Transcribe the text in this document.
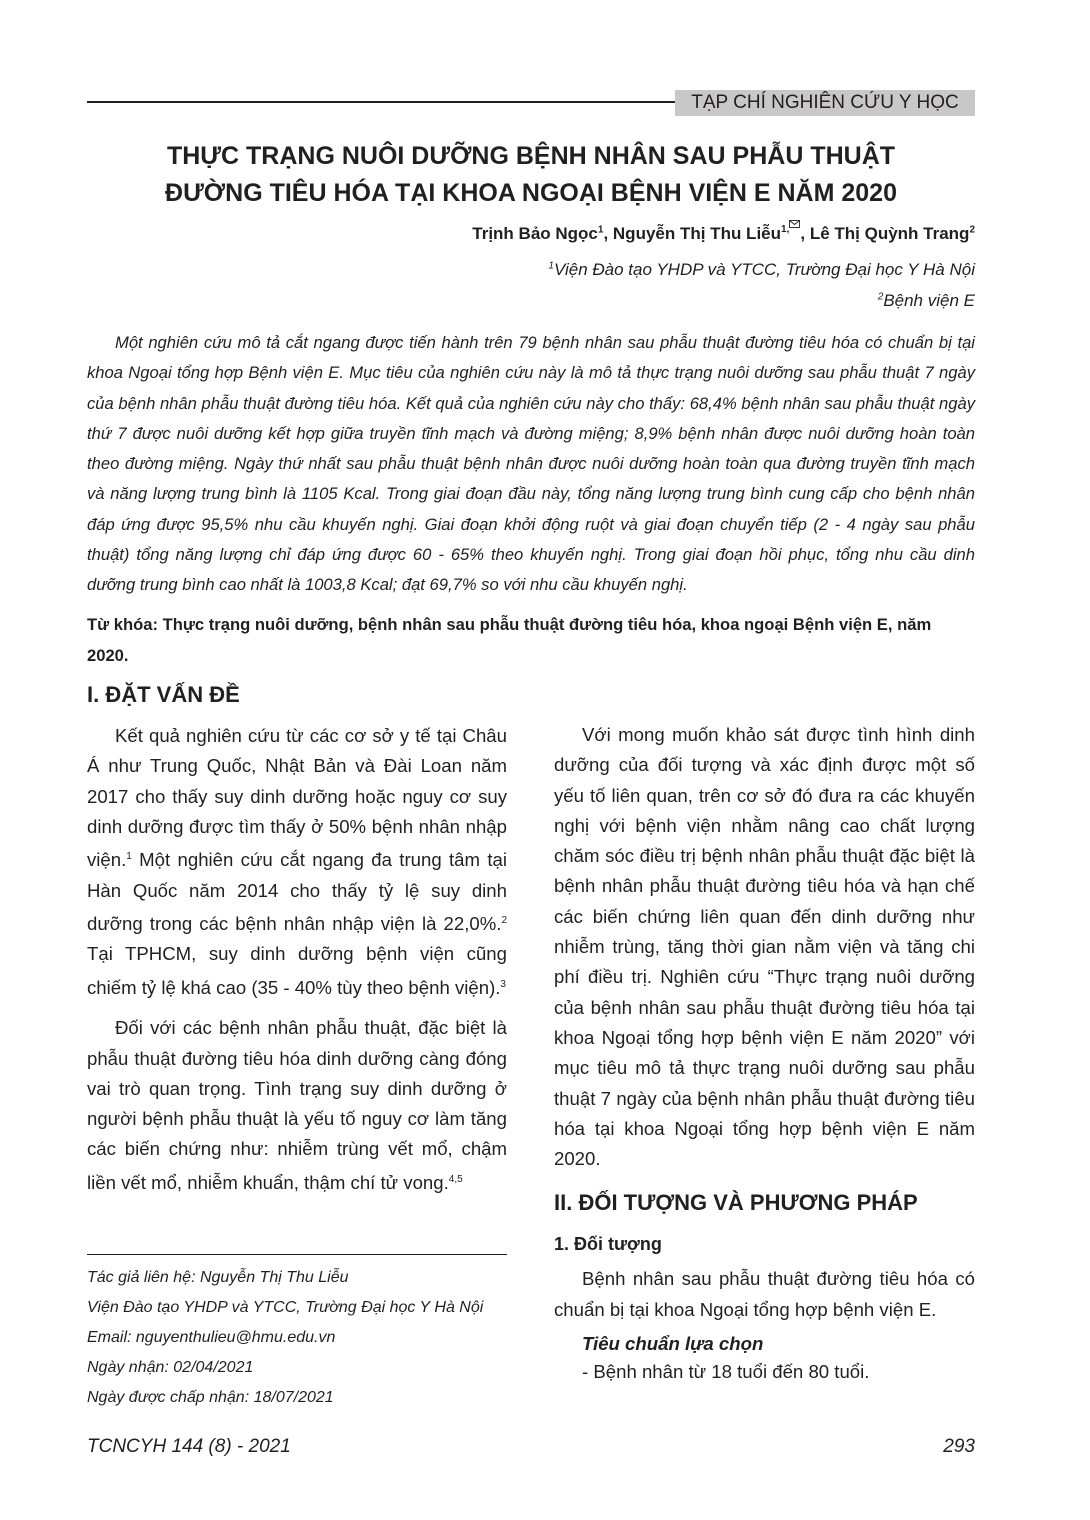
TẠP CHÍ NGHIÊN CỨU Y HỌC
THỰC TRẠNG NUÔI DƯỠNG BỆNH NHÂN SAU PHẪU THUẬT
ĐƯỜNG TIÊU HÓA TẠI KHOA NGOẠI BỆNH VIỆN E NĂM 2020
Trịnh Bảo Ngọc$^1$, Nguyễn Thị Thu Liễu$^{1,}$ , Lê Thị Quỳnh Trang$^2$
$^1$Viện Đào tạo YHDP và YTCC, Trường Đại học Y Hà Nội
$^2$Bệnh viện E

Một nghiên cứu mô tả cắt ngang được tiến hành trên 79 bệnh nhân sau phẫu thuật đường tiêu hóa có chuẩn bị tại khoa Ngoại tổng hợp Bệnh viện E. Mục tiêu của nghiên cứu này là mô tả thực trạng nuôi dưỡng sau phẫu thuật 7 ngày của bệnh nhân phẫu thuật đường tiêu hóa. Kết quả của nghiên cứu này cho thấy: 68,4% bệnh nhân sau phẫu thuật ngày thứ 7 được nuôi dưỡng kết hợp giữa truyền tĩnh mạch và đường miệng; 8,9% bệnh nhân được nuôi dưỡng hoàn toàn theo đường miệng. Ngày thứ nhất sau phẫu thuật bệnh nhân được nuôi dưỡng hoàn toàn qua đường truyền tĩnh mạch và năng lượng trung bình là 1105 Kcal. Trong giai đoạn đầu này, tổng năng lượng trung bình cung cấp cho bệnh nhân đáp ứng được 95,5% nhu cầu khuyến nghị. Giai đoạn khởi động ruột và giai đoạn chuyển tiếp (2 - 4 ngày sau phẫu thuật) tổng năng lượng chỉ đáp ứng được 60 - 65% theo khuyến nghị. Trong giai đoạn hồi phục, tổng nhu cầu dinh dưỡng trung bình cao nhất là 1003,8 Kcal; đạt 69,7% so với nhu cầu khuyến nghị.

Từ khóa: Thực trạng nuôi dưỡng, bệnh nhân sau phẫu thuật đường tiêu hóa, khoa ngoại Bệnh viện E, năm 2020.

I. ĐẶT VẤN ĐỀ

Kết quả nghiên cứu từ các cơ sở y tế tại Châu Á như Trung Quốc, Nhật Bản và Đài Loan năm 2017 cho thấy suy dinh dưỡng hoặc nguy cơ suy dinh dưỡng được tìm thấy ở 50% bệnh nhân nhập viện.$^1$ Một nghiên cứu cắt ngang đa trung tâm tại Hàn Quốc năm 2014 cho thấy tỷ lệ suy dinh dưỡng trong các bệnh nhân nhập viện là 22,0%.$^2$ Tại TPHCM, suy dinh dưỡng bệnh viện cũng chiếm tỷ lệ khá cao (35 - 40% tùy theo bệnh viện).$^3$

Đối với các bệnh nhân phẫu thuật, đặc biệt là phẫu thuật đường tiêu hóa dinh dưỡng càng đóng vai trò quan trọng. Tình trạng suy dinh dưỡng ở người bệnh phẫu thuật là yếu tố nguy cơ làm tăng các biến chứng như: nhiễm trùng vết mổ, chậm liền vết mổ, nhiễm khuẩn, thậm chí tử vong.$^{4,5}$

Tác giả liên hệ: Nguyễn Thị Thu Liễu
Viện Đào tạo YHDP và YTCC, Trường Đại học Y Hà Nội
Email: nguyenthulieu@hmu.edu.vn
Ngày nhận: 02/04/2021
Ngày được chấp nhận: 18/07/2021

Với mong muốn khảo sát được tình hình dinh dưỡng của đối tượng và xác định được một số yếu tố liên quan, trên cơ sở đó đưa ra các khuyến nghị với bệnh viện nhằm nâng cao chất lượng chăm sóc điều trị bệnh nhân phẫu thuật đặc biệt là bệnh nhân phẫu thuật đường tiêu hóa và hạn chế các biến chứng liên quan đến dinh dưỡng như nhiễm trùng, tăng thời gian nằm viện và tăng chi phí điều trị. Nghiên cứu “Thực trạng nuôi dưỡng của bệnh nhân sau phẫu thuật đường tiêu hóa tại khoa Ngoại tổng hợp bệnh viện E năm 2020” với mục tiêu mô tả thực trạng nuôi dưỡng sau phẫu thuật 7 ngày của bệnh nhân phẫu thuật đường tiêu hóa tại khoa Ngoại tổng hợp bệnh viện E năm 2020.

II. ĐỐI TƯỢNG VÀ PHƯƠNG PHÁP
1. Đối tượng

Bệnh nhân sau phẫu thuật đường tiêu hóa có chuẩn bị tại khoa Ngoại tổng hợp bệnh viện E.

Tiêu chuẩn lựa chọn

- Bệnh nhân từ 18 tuổi đến 80 tuổi.

TCNCYH 144 (8) - 2021	293
